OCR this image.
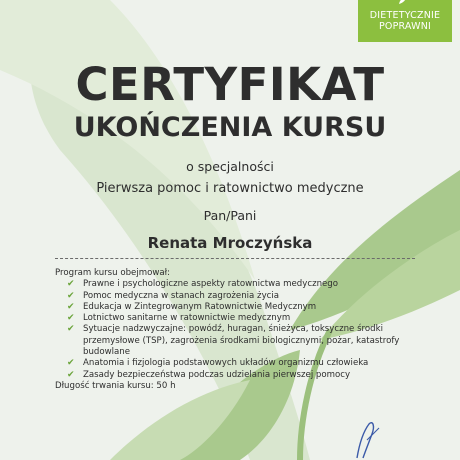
DIETETYCZNIE
POPRAWNI
CERTYFIKAT
UKOŃCZENIA KURSU
o specjalności
Pierwsza pomoc i ratownictwo medyczne
Pan/Pani
Renata Mroczyńska
Program kursu obejmował:
✔ Prawne i psychologiczne aspekty ratownictwa medycznego
✔ Pomoc medyczna w stanach zagrożenia życia
✔ Edukacja w Zintegrowanym Ratownictwie Medycznym
✔ Lotnictwo sanitarne w ratownictwie medycznym
✔ Sytuacje nadzwyczajne: powódź, huragan, śnieżyca, toksyczne środki przemysłowe (TSP), zagrożenia środkami biologicznymi, pożar, katastrofy budowlane
✔ Anatomia i fizjologia podstawowych układów organizmu człowieka
✔ Zasady bezpieczeństwa podczas udzielania pierwszej pomocy
Długość trwania kursu: 50 h
